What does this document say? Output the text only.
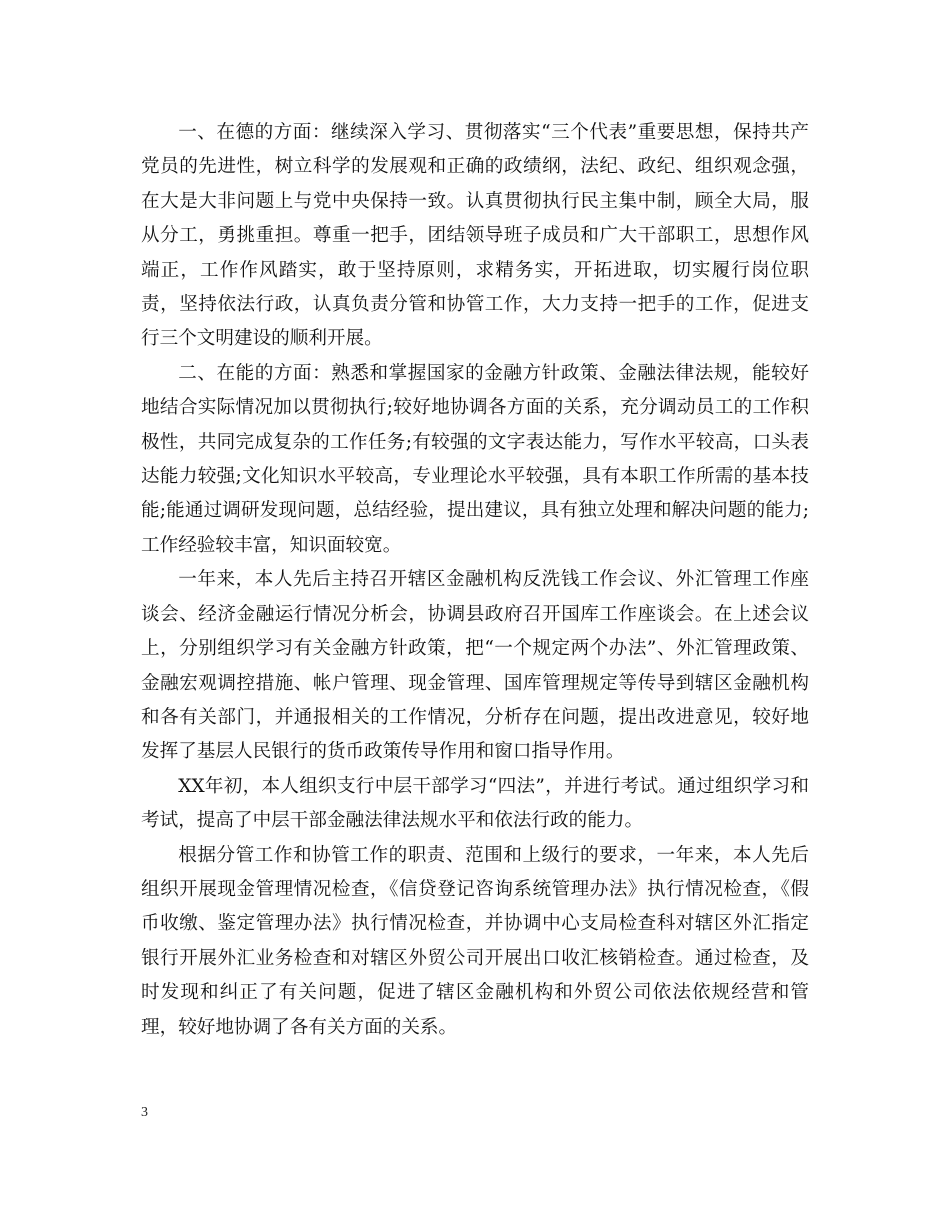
一、在德的方面：继续深入学习、贯彻落实“三个代表”重要思想，保持共产党员的先进性，树立科学的发展观和正确的政绩纲，法纪、政纪、组织观念强，在大是大非问题上与党中央保持一致。认真贯彻执行民主集中制，顾全大局，服从分工，勇挑重担。尊重一把手，团结领导班子成员和广大干部职工，思想作风端正，工作作风踏实，敢于坚持原则，求精务实，开拓进取，切实履行岗位职责，坚持依法行政，认真负责分管和协管工作，大力支持一把手的工作，促进支行三个文明建设的顺利开展。

二、在能的方面：熟悉和掌握国家的金融方针政策、金融法律法规，能较好地结合实际情况加以贯彻执行;较好地协调各方面的关系，充分调动员工的工作积极性，共同完成复杂的工作任务;有较强的文字表达能力，写作水平较高，口头表达能力较强;文化知识水平较高，专业理论水平较强，具有本职工作所需的基本技能;能通过调研发现问题，总结经验，提出建议，具有独立处理和解决问题的能力;工作经验较丰富，知识面较宽。

一年来，本人先后主持召开辖区金融机构反洗钱工作会议、外汇管理工作座谈会、经济金融运行情况分析会，协调县政府召开国库工作座谈会。在上述会议上，分别组织学习有关金融方针政策，把“一个规定两个办法”、外汇管理政策、金融宏观调控措施、帐户管理、现金管理、国库管理规定等传导到辖区金融机构和各有关部门，并通报相关的工作情况，分析存在问题，提出改进意见，较好地发挥了基层人民银行的货币政策传导作用和窗口指导作用。

XX年初，本人组织支行中层干部学习“四法”，并进行考试。通过组织学习和考试，提高了中层干部金融法律法规水平和依法行政的能力。

根据分管工作和协管工作的职责、范围和上级行的要求，一年来，本人先后组织开展现金管理情况检查，《信贷登记咨询系统管理办法》执行情况检查，《假币收缴、鉴定管理办法》执行情况检查，并协调中心支局检查科对辖区外汇指定银行开展外汇业务检查和对辖区外贸公司开展出口收汇核销检查。通过检查，及时发现和纠正了有关问题，促进了辖区金融机构和外贸公司依法依规经营和管理，较好地协调了各有关方面的关系。

3
